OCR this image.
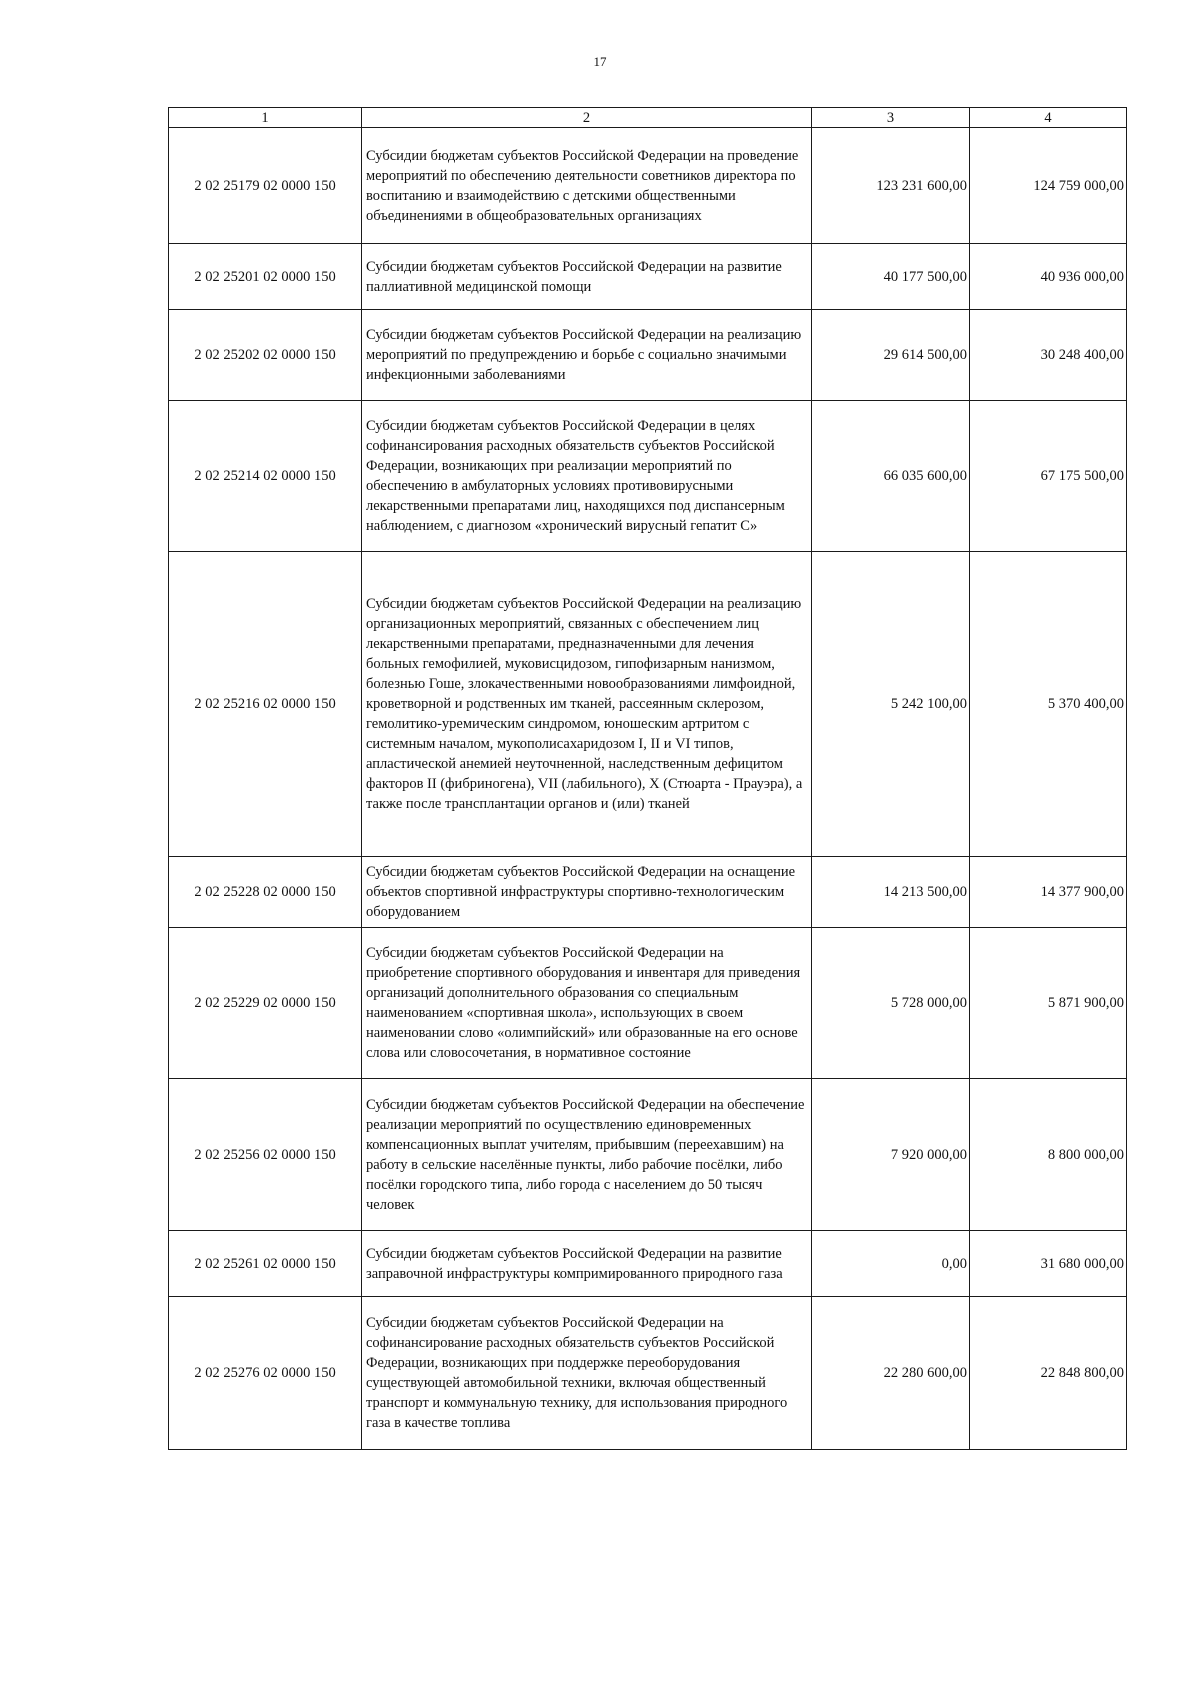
17
1	2	3	4
2 02 25179 02 0000 150	Субсидии бюджетам субъектов Российской Федерации на проведение мероприятий по обеспечению деятельности советников директора по воспитанию и взаимодействию с детскими общественными объединениями в общеобразовательных организациях	123 231 600,00	124 759 000,00
2 02 25201 02 0000 150	Субсидии бюджетам субъектов Российской Федерации на развитие паллиативной медицинской помощи	40 177 500,00	40 936 000,00
2 02 25202 02 0000 150	Субсидии бюджетам субъектов Российской Федерации на реализацию мероприятий по предупреждению и борьбе с социально значимыми инфекционными заболеваниями	29 614 500,00	30 248 400,00
2 02 25214 02 0000 150	Субсидии бюджетам субъектов Российской Федерации в целях софинансирования расходных обязательств субъектов Российской Федерации, возникающих при реализации мероприятий по обеспечению в амбулаторных условиях противовирусными лекарственными препаратами лиц, находящихся под диспансерным наблюдением, с диагнозом «хронический вирусный гепатит С»	66 035 600,00	67 175 500,00
2 02 25216 02 0000 150	Субсидии бюджетам субъектов Российской Федерации на реализацию организационных мероприятий, связанных с обеспечением лиц лекарственными препаратами, предназначенными для лечения больных гемофилией, муковисцидозом, гипофизарным нанизмом, болезнью Гоше, злокачественными новообразованиями лимфоидной, кроветворной и родственных им тканей, рассеянным склерозом, гемолитико-уремическим синдромом, юношеским артритом с системным началом, мукополисахаридозом I, II и VI типов, апластической анемией неуточненной, наследственным дефицитом факторов II (фибриногена), VII (лабильного), X (Стюарта - Прауэра), а также после трансплантации органов и (или) тканей	5 242 100,00	5 370 400,00
2 02 25228 02 0000 150	Субсидии бюджетам субъектов Российской Федерации на оснащение объектов спортивной инфраструктуры спортивно-технологическим оборудованием	14 213 500,00	14 377 900,00
2 02 25229 02 0000 150	Субсидии бюджетам субъектов Российской Федерации на приобретение спортивного оборудования и инвентаря для приведения организаций дополнительного образования со специальным наименованием «спортивная школа», использующих в своем наименовании слово «олимпийский» или образованные на его основе слова или словосочетания, в нормативное состояние	5 728 000,00	5 871 900,00
2 02 25256 02 0000 150	Субсидии бюджетам субъектов Российской Федерации на обеспечение реализации мероприятий по осуществлению единовременных компенсационных выплат учителям, прибывшим (переехавшим) на работу в сельские населённые пункты, либо рабочие посёлки, либо посёлки городского типа, либо города с населением до 50 тысяч человек	7 920 000,00	8 800 000,00
2 02 25261 02 0000 150	Субсидии бюджетам субъектов Российской Федерации на развитие заправочной инфраструктуры компримированного природного газа	0,00	31 680 000,00
2 02 25276 02 0000 150	Субсидии бюджетам субъектов Российской Федерации на софинансирование расходных обязательств субъектов Российской Федерации, возникающих при поддержке переоборудования существующей автомобильной техники, включая общественный транспорт и коммунальную технику, для использования природного газа в качестве топлива	22 280 600,00	22 848 800,00
